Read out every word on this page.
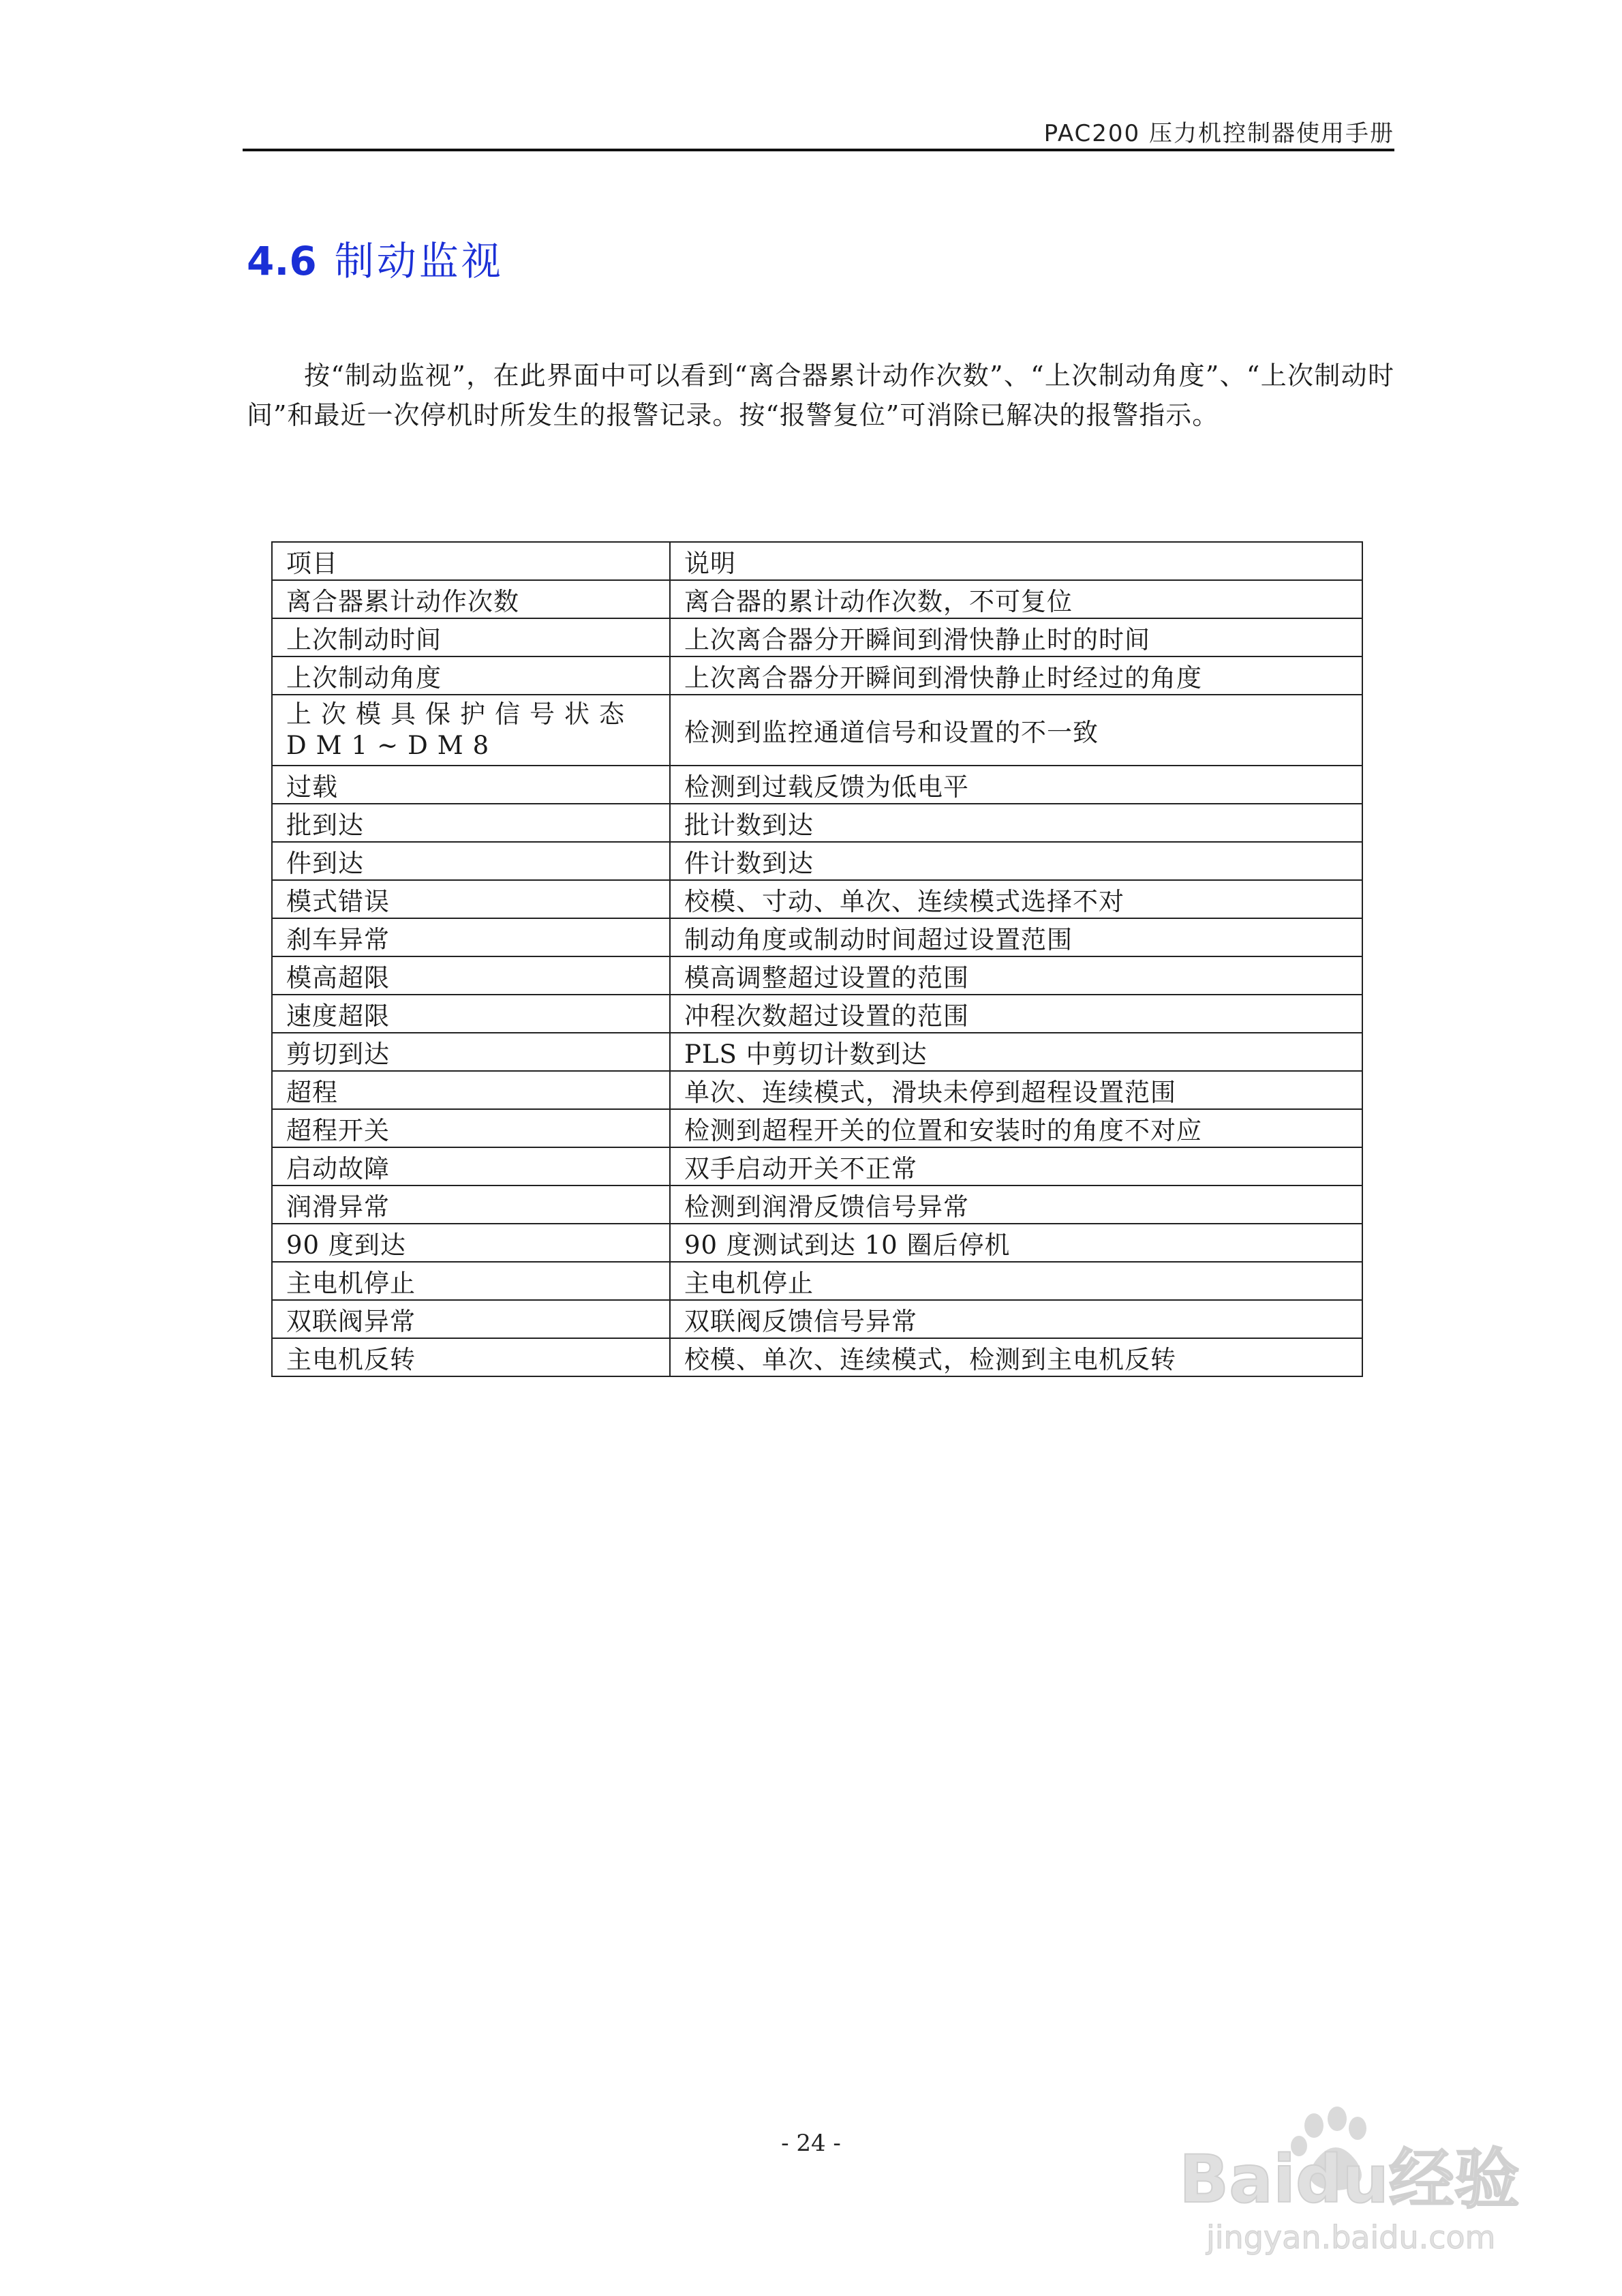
PAC200 压力机控制器使用手册
4.6 制动监视

按“制动监视”，在此界面中可以看到“离合器累计动作次数”、“上次制动角度”、“上次制动时间”和最近一次停机时所发生的报警记录。按“报警复位”可消除已解决的报警指示。

项目	说明
离合器累计动作次数	离合器的累计动作次数，不可复位
上次制动时间	上次离合器分开瞬间到滑快静止时的时间
上次制动角度	上次离合器分开瞬间到滑快静止时经过的角度
上次模具保护信号状态 DM1~DM8	检测到监控通道信号和设置的不一致
过载	检测到过载反馈为低电平
批到达	批计数到达
件到达	件计数到达
模式错误	校模、寸动、单次、连续模式选择不对
刹车异常	制动角度或制动时间超过设置范围
模高超限	模高调整超过设置的范围
速度超限	冲程次数超过设置的范围
剪切到达	PLS 中剪切计数到达
超程	单次、连续模式，滑块未停到超程设置范围
超程开关	检测到超程开关的位置和安装时的角度不对应
启动故障	双手启动开关不正常
润滑异常	检测到润滑反馈信号异常
90 度到达	90 度测试到达 10 圈后停机
主电机停止	主电机停止
双联阀异常	双联阀反馈信号异常
主电机反转	校模、单次、连续模式，检测到主电机反转
- 24 -	Baidu经验
jingyan.baidu.com
